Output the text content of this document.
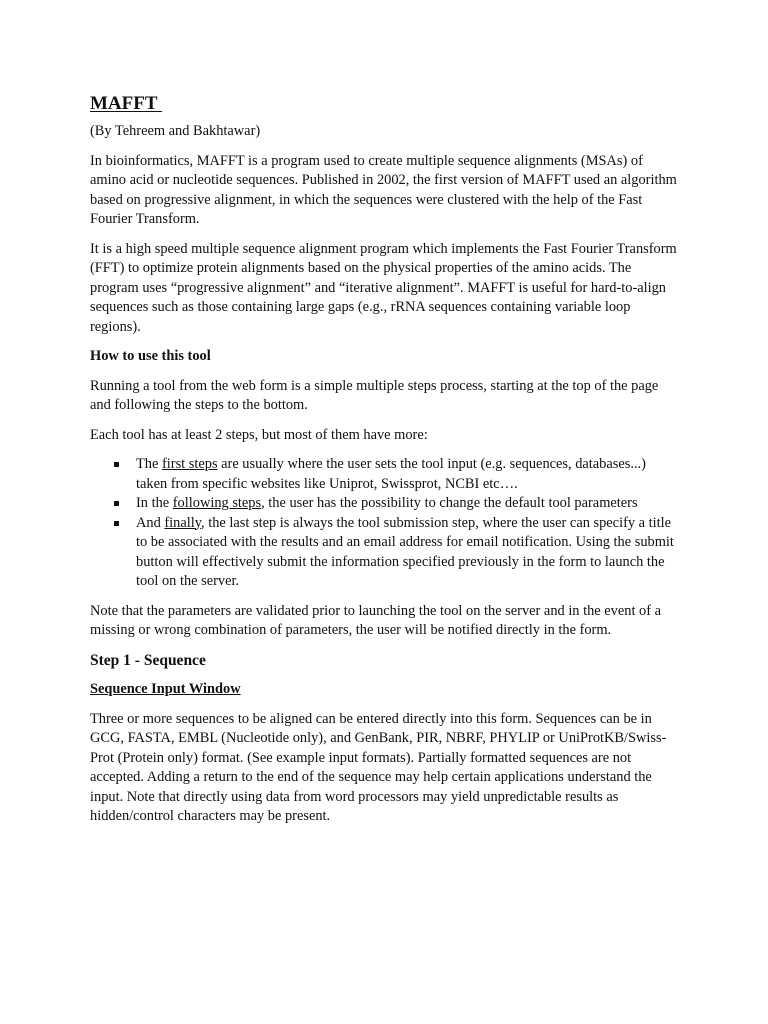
MAFFT

(By Tehreem and Bakhtawar)

In bioinformatics, MAFFT is a program used to create multiple sequence alignments (MSAs) of amino acid or nucleotide sequences. Published in 2002, the first version of MAFFT used an algorithm based on progressive alignment, in which the sequences were clustered with the help of the Fast Fourier Transform.

It is a high speed multiple sequence alignment program which implements the Fast Fourier Transform (FFT) to optimize protein alignments based on the physical properties of the amino acids. The program uses “progressive alignment” and “iterative alignment”. MAFFT is useful for hard-to-align sequences such as those containing large gaps (e.g., rRNA sequences containing variable loop regions).

How to use this tool

Running a tool from the web form is a simple multiple steps process, starting at the top of the page and following the steps to the bottom.

Each tool has at least 2 steps, but most of them have more:

The first steps are usually where the user sets the tool input (e.g. sequences, databases...) taken from specific websites like Uniprot, Swissprot, NCBI etc….
In the following steps, the user has the possibility to change the default tool parameters
And finally, the last step is always the tool submission step, where the user can specify a title to be associated with the results and an email address for email notification. Using the submit button will effectively submit the information specified previously in the form to launch the tool on the server.

Note that the parameters are validated prior to launching the tool on the server and in the event of a missing or wrong combination of parameters, the user will be notified directly in the form.

Step 1 - Sequence
Sequence Input Window

Three or more sequences to be aligned can be entered directly into this form. Sequences can be in GCG, FASTA, EMBL (Nucleotide only), and GenBank, PIR, NBRF, PHYLIP or UniProtKB/Swiss-Prot (Protein only) format. (See example input formats). Partially formatted sequences are not accepted. Adding a return to the end of the sequence may help certain applications understand the input. Note that directly using data from word processors may yield unpredictable results as hidden/control characters may be present.
